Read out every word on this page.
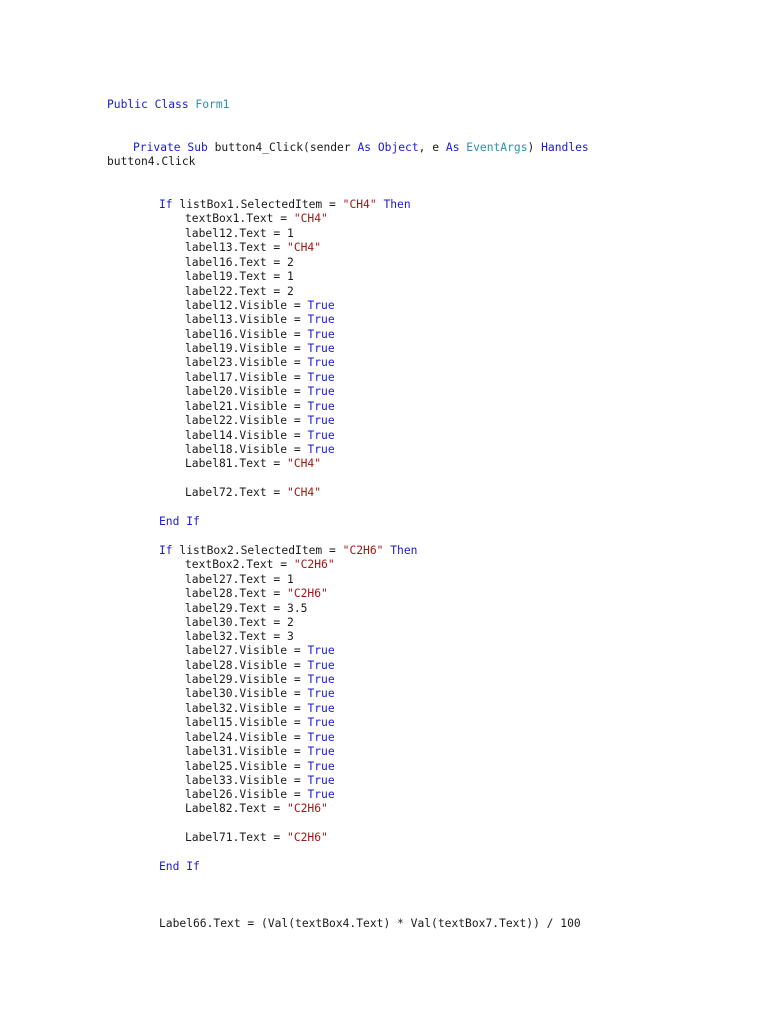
Public Class Form1
Private Sub button4_Click(sender As Object, e As EventArgs) Handles
button4.Click
If listBox1.SelectedItem = "CH4" Then
textBox1.Text = "CH4"
label12.Text = 1
label13.Text = "CH4"
label16.Text = 2
label19.Text = 1
label22.Text = 2
label12.Visible = True
label13.Visible = True
label16.Visible = True
label19.Visible = True
label23.Visible = True
label17.Visible = True
label20.Visible = True
label21.Visible = True
label22.Visible = True
label14.Visible = True
label18.Visible = True
Label81.Text = "CH4"
Label72.Text = "CH4"
End If
If listBox2.SelectedItem = "C2H6" Then
textBox2.Text = "C2H6"
label27.Text = 1
label28.Text = "C2H6"
label29.Text = 3.5
label30.Text = 2
label32.Text = 3
label27.Visible = True
label28.Visible = True
label29.Visible = True
label30.Visible = True
label32.Visible = True
label15.Visible = True
label24.Visible = True
label31.Visible = True
label25.Visible = True
label33.Visible = True
label26.Visible = True
Label82.Text = "C2H6"
Label71.Text = "C2H6"
End If
Label66.Text = (Val(textBox4.Text) * Val(textBox7.Text)) / 100
